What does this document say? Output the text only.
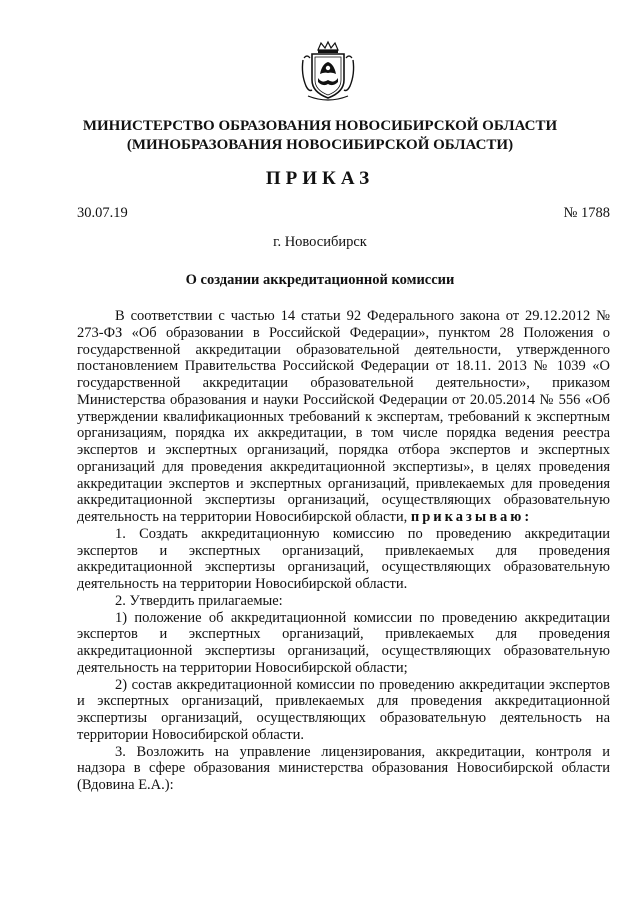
МИНИСТЕРСТВО ОБРАЗОВАНИЯ НОВОСИБИРСКОЙ ОБЛАСТИ
(МИНОБРАЗОВАНИЯ НОВОСИБИРСКОЙ ОБЛАСТИ)
ПРИКАЗ
30.07.19	№ 1788
г. Новосибирск
О создании аккредитационной комиссии

В соответствии с частью 14 статьи 92 Федерального закона от 29.12.2012 № 273-ФЗ «Об образовании в Российской Федерации», пунктом 28 Положения о государственной аккредитации образовательной деятельности, утвержденного постановлением Правительства Российской Федерации от 18.11. 2013 № 1039 «О государственной аккредитации образовательной деятельности», приказом Министерства образования и науки Российской Федерации от 20.05.2014 № 556 «Об утверждении квалификационных требований к экспертам, требований к экспертным организациям, порядка их аккредитации, в том числе порядка ведения реестра экспертов и экспертных организаций, порядка отбора экспертов и экспертных организаций для проведения аккредитационной экспертизы», в целях проведения аккредитации экспертов и экспертных организаций, привлекаемых для проведения аккредитационной экспертизы организаций, осуществляющих образовательную деятельность на территории Новосибирской области, приказываю:

1. Создать аккредитационную комиссию по проведению аккредитации экспертов и экспертных организаций, привлекаемых для проведения аккредитационной экспертизы организаций, осуществляющих образовательную деятельность на территории Новосибирской области.

2. Утвердить прилагаемые:

1) положение об аккредитационной комиссии по проведению аккредитации экспертов и экспертных организаций, привлекаемых для проведения аккредитационной экспертизы организаций, осуществляющих образовательную деятельность на территории Новосибирской области;

2) состав аккредитационной комиссии по проведению аккредитации экспертов и экспертных организаций, привлекаемых для проведения аккредитационной экспертизы организаций, осуществляющих образовательную деятельность на территории Новосибирской области.

3. Возложить на управление лицензирования, аккредитации, контроля и надзора в сфере образования министерства образования Новосибирской области (Вдовина Е.А.):
